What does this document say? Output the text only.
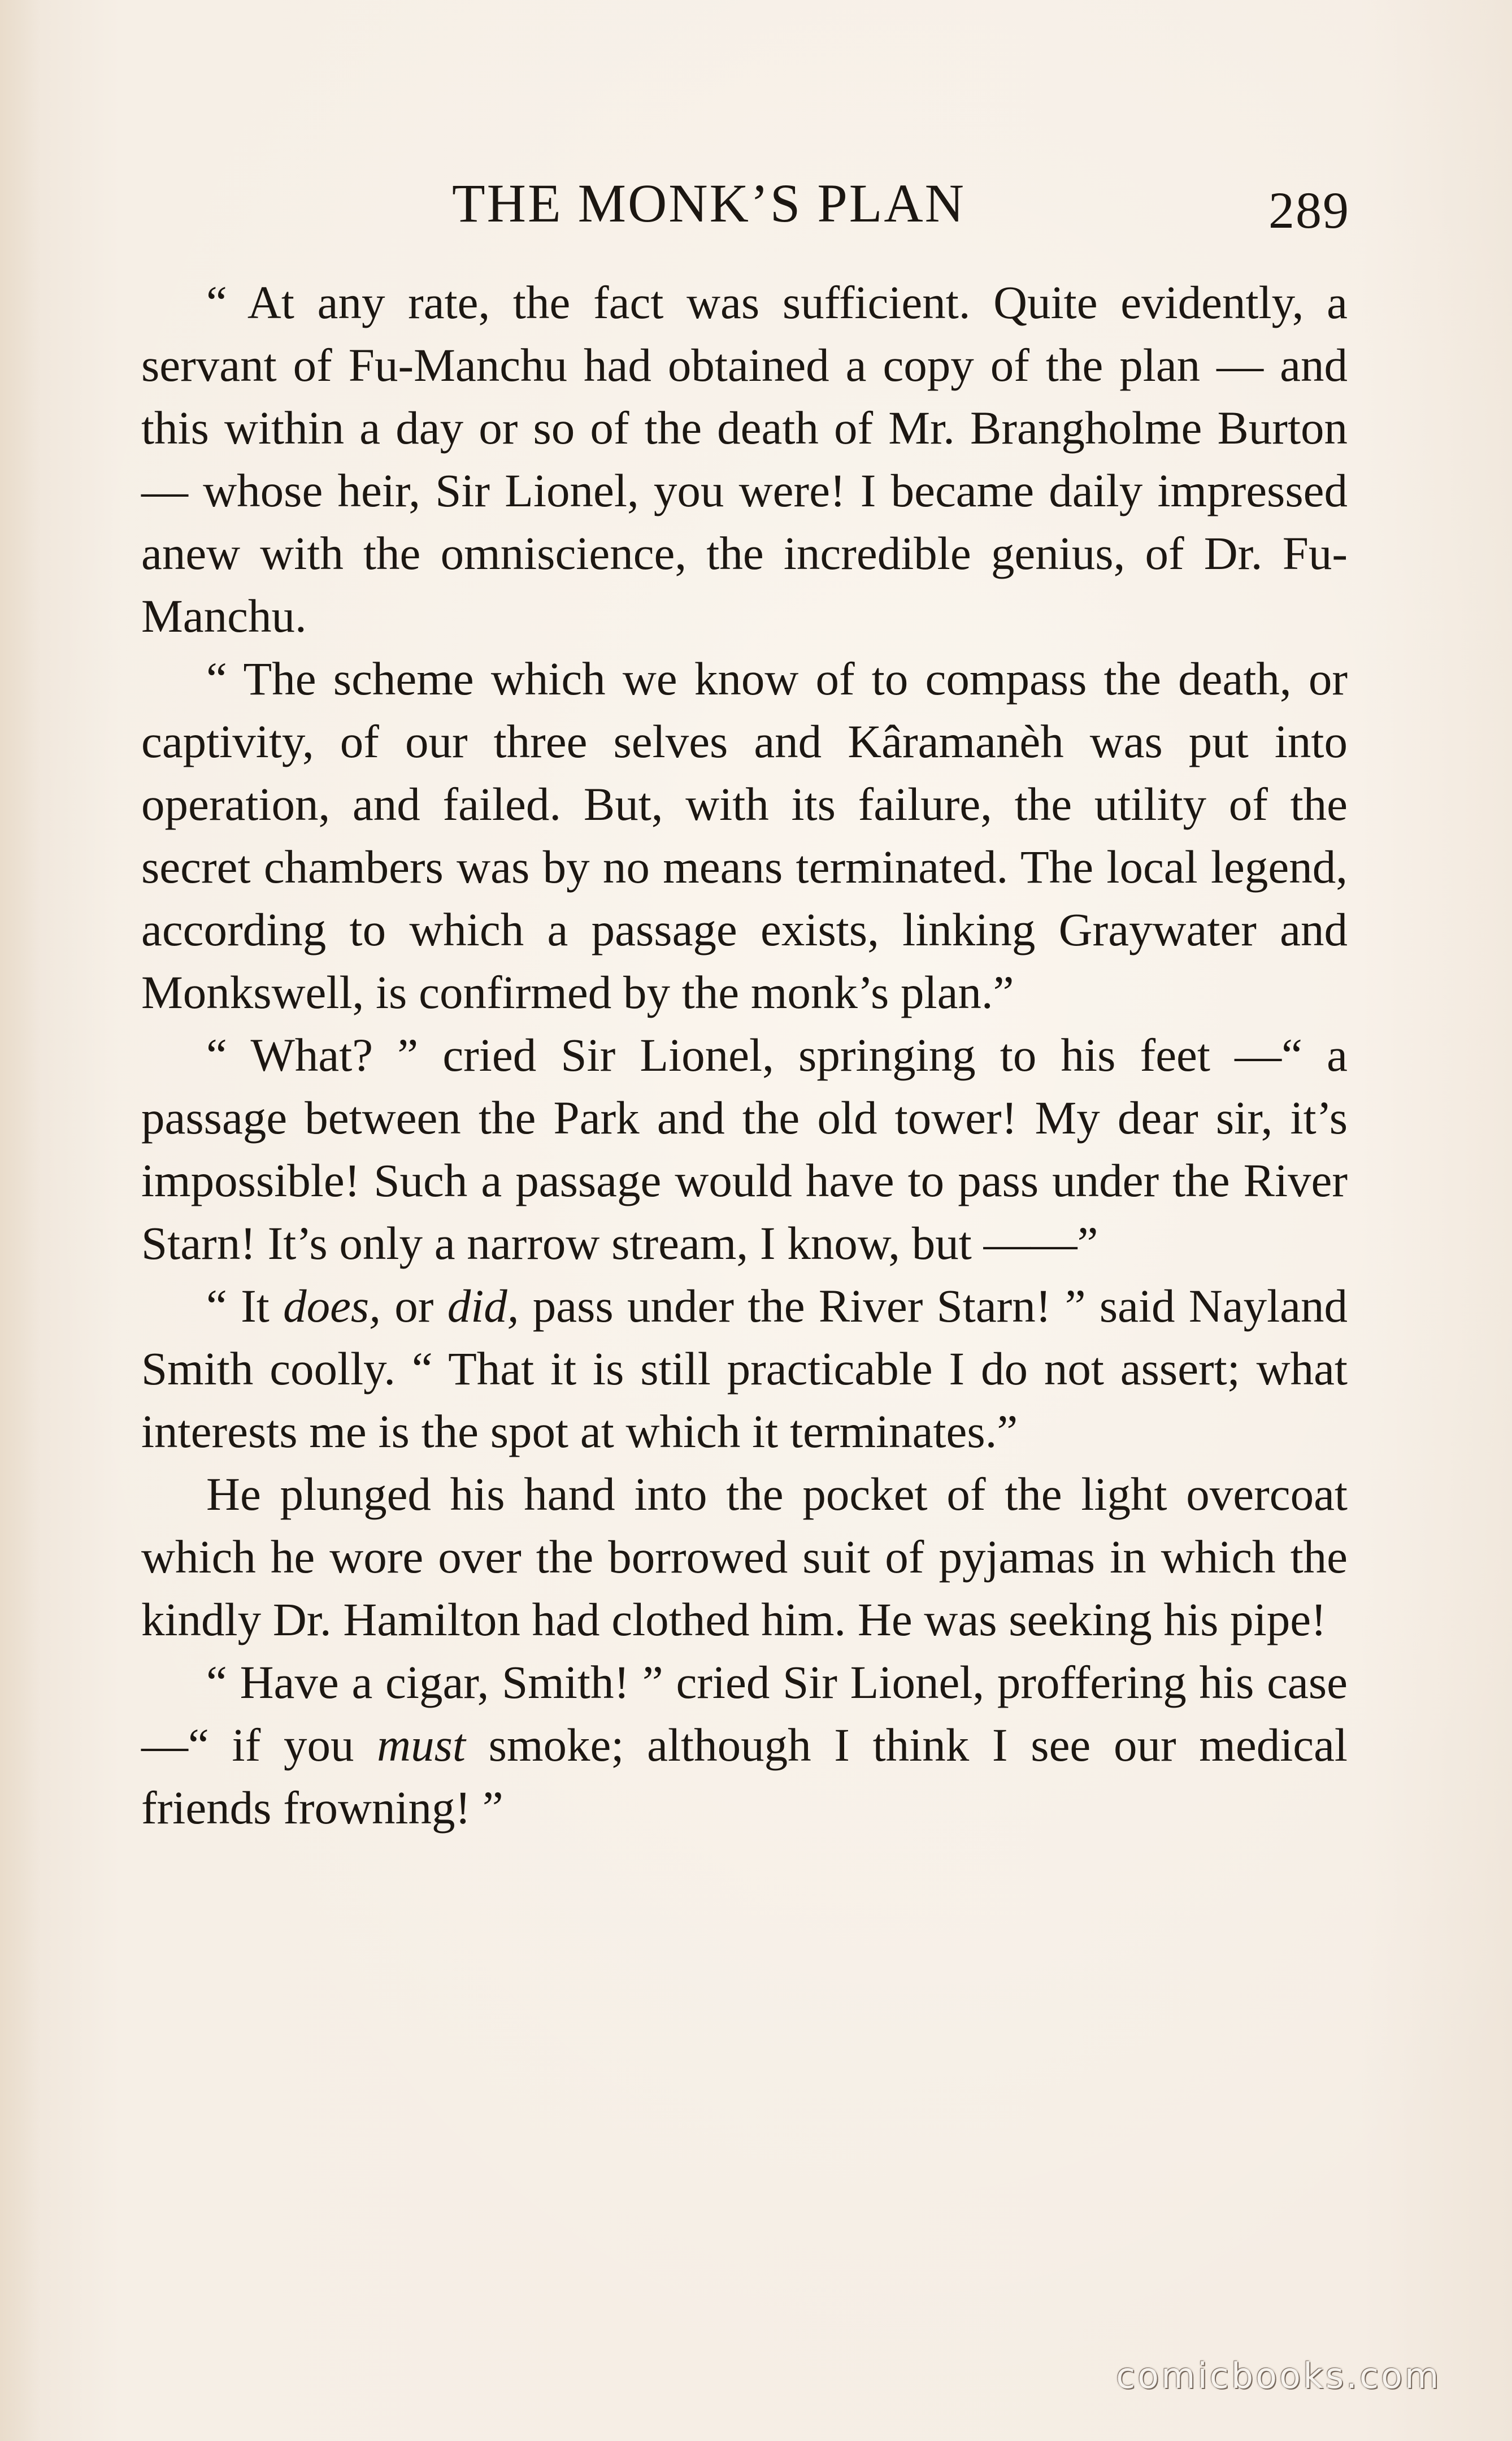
THE MONK’S PLAN	289

“ At any rate, the fact was sufficient. Quite evidently, a servant of Fu-Manchu had obtained a copy of the plan — and this within a day or so of the death of Mr. Brangholme Burton — whose heir, Sir Lionel, you were! I became daily impressed anew with the omniscience, the incredible genius, of Dr. Fu-Manchu.

“ The scheme which we know of to compass the death, or captivity, of our three selves and Kâramanèh was put into operation, and failed. But, with its failure, the utility of the secret chambers was by no means terminated. The local legend, according to which a passage exists, linking Graywater and Monkswell, is confirmed by the monk’s plan.”

“ What? ” cried Sir Lionel, springing to his feet —“ a passage between the Park and the old tower! My dear sir, it’s impossible! Such a passage would have to pass under the River Starn! It’s only a narrow stream, I know, but ——”

“ It does, or did, pass under the River Starn! ” said Nayland Smith coolly. “ That it is still practicable I do not assert; what interests me is the spot at which it terminates.”

He plunged his hand into the pocket of the light overcoat which he wore over the borrowed suit of pyjamas in which the kindly Dr. Hamilton had clothed him. He was seeking his pipe!

“ Have a cigar, Smith! ” cried Sir Lionel, proffering his case —“ if you must smoke; although I think I see our medical friends frowning! ”

comicbooks.com
